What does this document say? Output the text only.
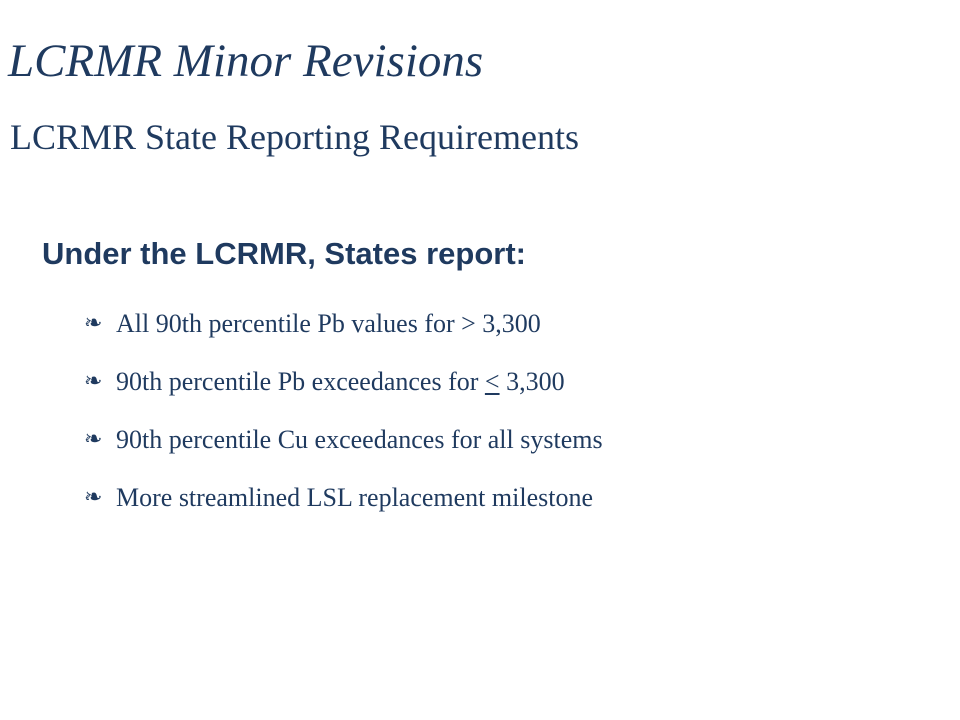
LCRMR Minor Revisions
LCRMR State Reporting Requirements
Under the LCRMR, States report:
❧ All 90th percentile Pb values for > 3,300
❧ 90th percentile Pb exceedances for ≤ 3,300
❧ 90th percentile Cu exceedances for all systems
❧ More streamlined LSL replacement milestone
